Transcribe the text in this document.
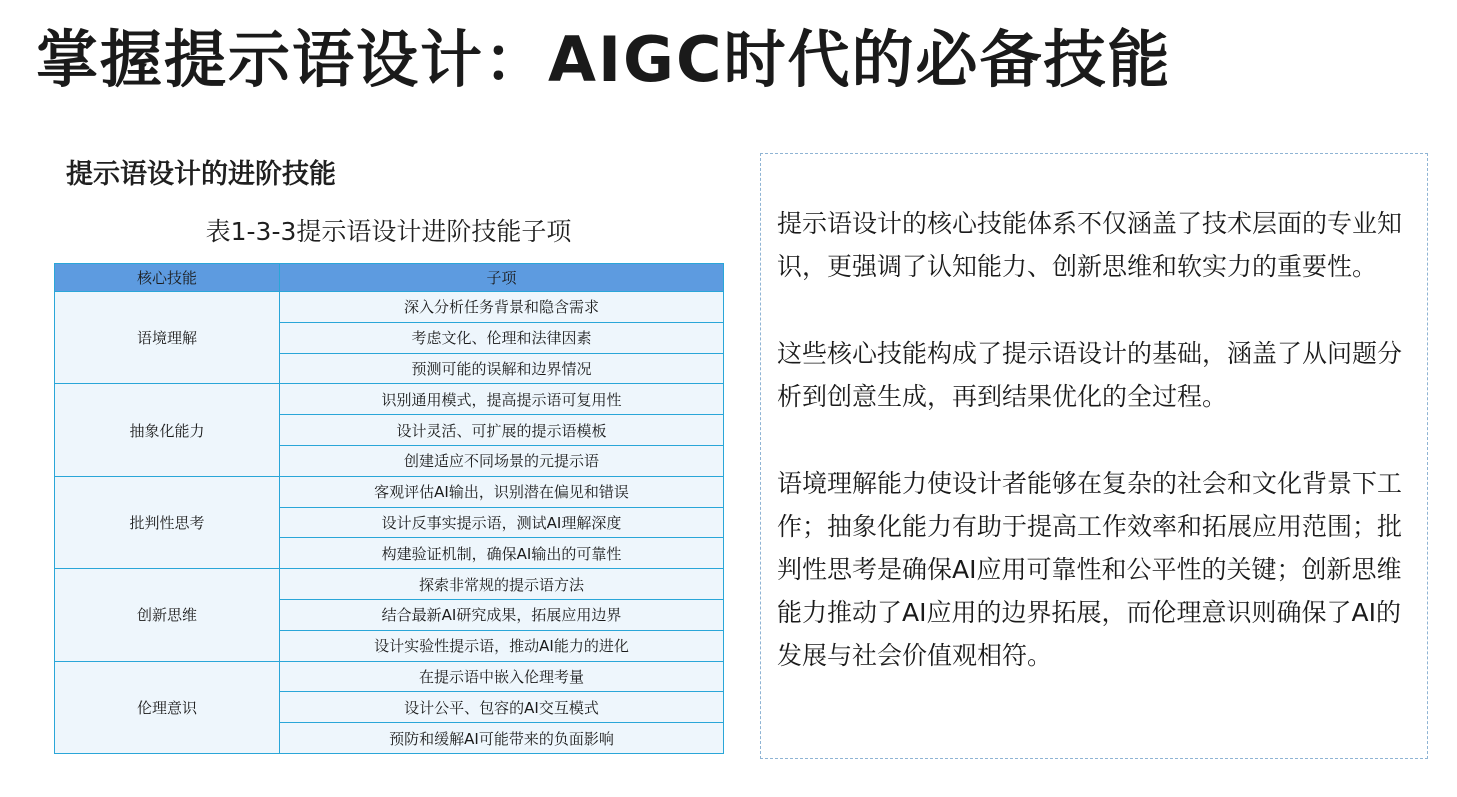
掌握提示语设计：AIGC时代的必备技能
提示语设计的进阶技能
表1-3-3提示语设计进阶技能子项
核心技能	子项
语境理解	深入分析任务背景和隐含需求
	考虑文化、伦理和法律因素
	预测可能的误解和边界情况
抽象化能力	识别通用模式，提高提示语可复用性
	设计灵活、可扩展的提示语模板
	创建适应不同场景的元提示语
批判性思考	客观评估AI输出，识别潜在偏见和错误
	设计反事实提示语，测试AI理解深度
	构建验证机制，确保AI输出的可靠性
创新思维	探索非常规的提示语方法
	结合最新AI研究成果，拓展应用边界
	设计实验性提示语，推动AI能力的进化
伦理意识	在提示语中嵌入伦理考量
	设计公平、包容的AI交互模式
	预防和缓解AI可能带来的负面影响

提示语设计的核心技能体系不仅涵盖了技术层面的专业知识，更强调了认知能力、创新思维和软实力的重要性。

这些核心技能构成了提示语设计的基础，涵盖了从问题分析到创意生成，再到结果优化的全过程。

语境理解能力使设计者能够在复杂的社会和文化背景下工作；抽象化能力有助于提高工作效率和拓展应用范围；批判性思考是确保AI应用可靠性和公平性的关键；创新思维能力推动了AI应用的边界拓展，而伦理意识则确保了AI的发展与社会价值观相符。
